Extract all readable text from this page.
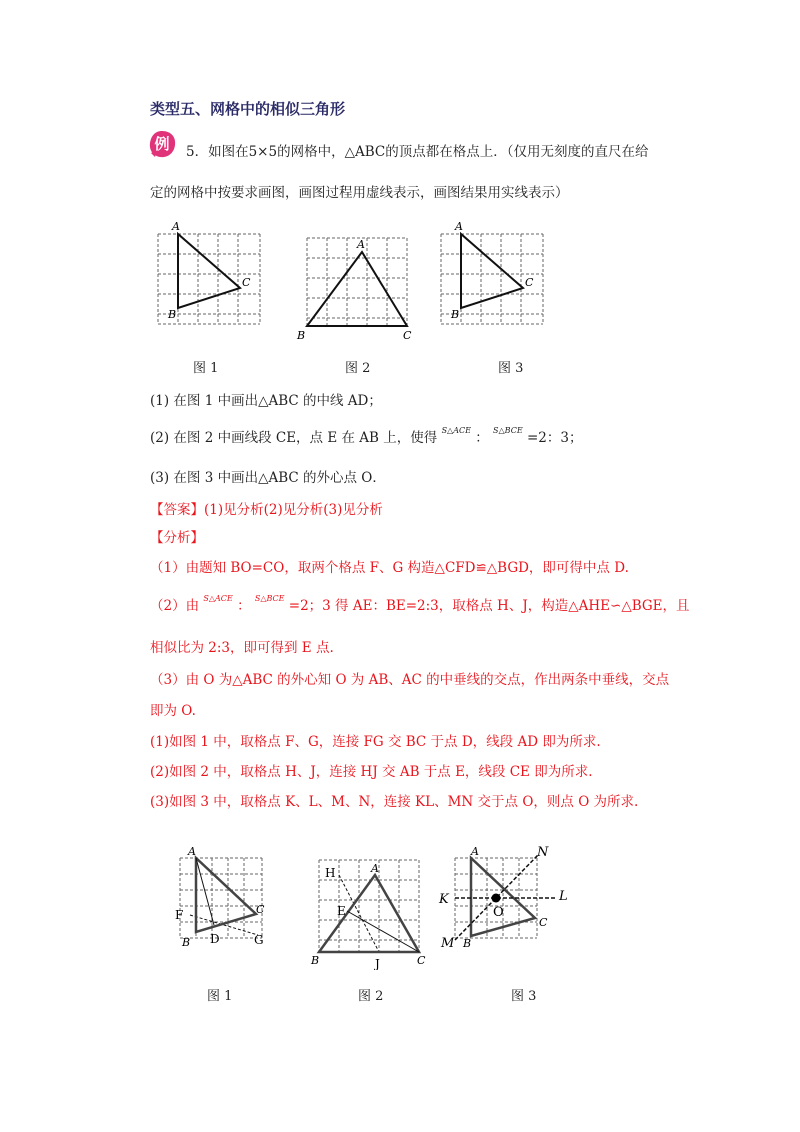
类型五、网格中的相似三角形
例 5．如图在5×5的网格中，△ABC的顶点都在格点上．（仅用无刻度的直尺在给
定的网格中按要求画图，画图过程用虚线表示，画图结果用实线表示）
A
B
C
A
B	C
A
B
C
图 1	图 2	图 3
(1) 在图 1 中画出△ABC 的中线 AD；
(2) 在图 2 中画线段 CE，点 E 在 AB 上，使得 S△ACE ： S△BCE =2：3；
(3) 在图 3 中画出△ABC 的外心点 O．
【答案】(1)见分析(2)见分析(3)见分析
【分析】
（1）由题知 BO=CO，取两个格点 F、G 构造△CFD≌△BGD，即可得中点 D.
（2）由 S△ACE ： S△BCE =2；3 得 AE：BE=2:3，取格点 H、J，构造△AHE∽△BGE，且
相似比为 2:3，即可得到 E 点.
（3）由 O 为△ABC 的外心知 O 为 AB、AC 的中垂线的交点，作出两条中垂线，交点
即为 O.
(1)如图 1 中，取格点 F、G，连接 FG 交 BC 于点 D，线段 AD 即为所求.
(2)如图 2 中，取格点 H、J，连接 HJ 交 AB 于点 E，线段 CE 即为所求.
(3)如图 3 中，取格点 K、L、M、N，连接 KL、MN 交于点 O，则点 O 为所求.
A
B
C
D
F
G
A
B	C
E
H
J
A
B
C
K	L
M
N
O
图 1	图 2	图 3
